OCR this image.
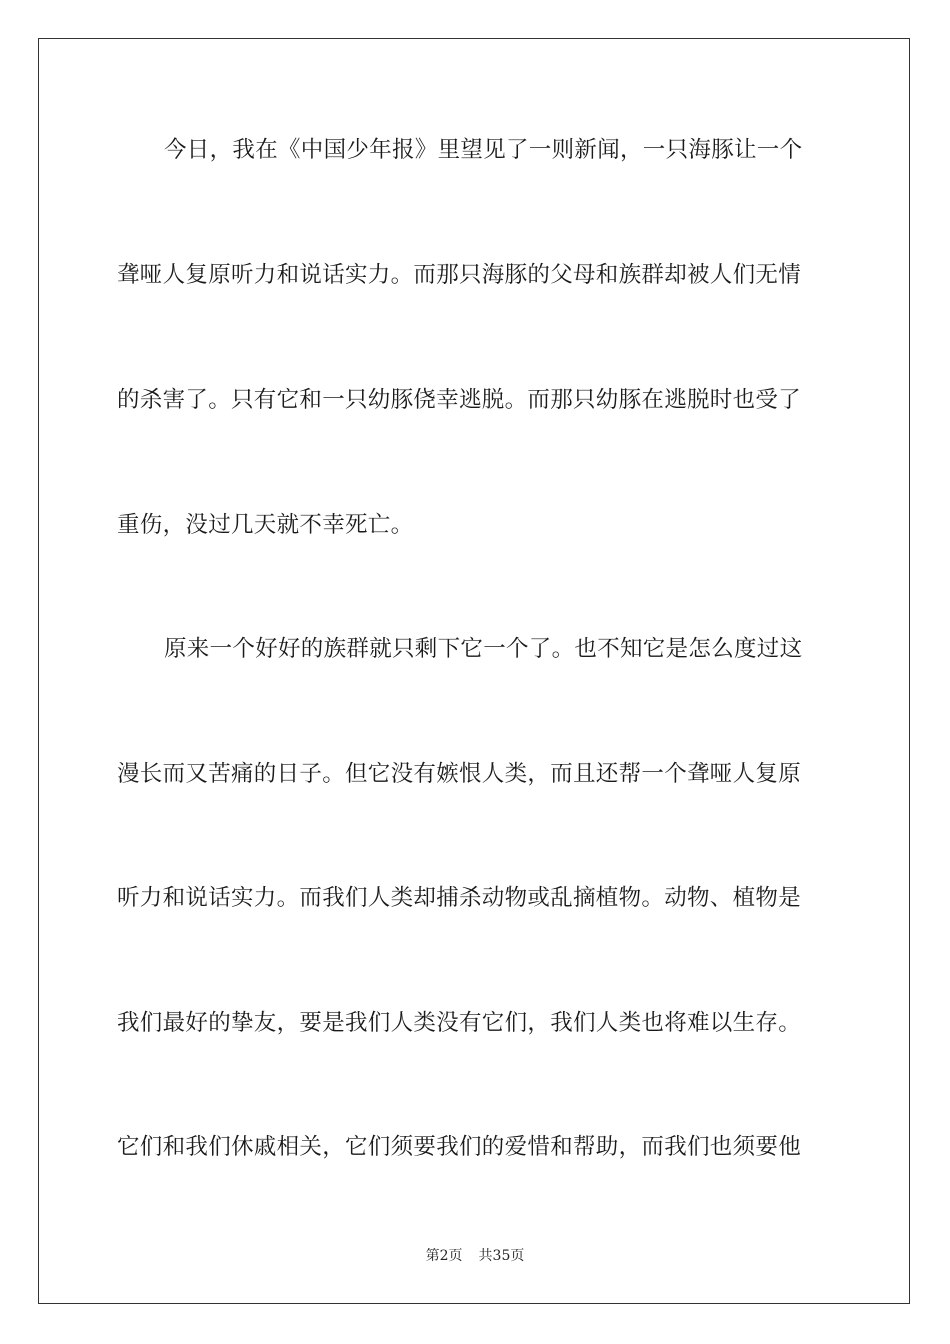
今日，我在《中国少年报》里望见了一则新闻，一只海豚让一个
聋哑人复原听力和说话实力。而那只海豚的父母和族群却被人们无情
的杀害了。只有它和一只幼豚侥幸逃脱。而那只幼豚在逃脱时也受了
重伤，没过几天就不幸死亡。
原来一个好好的族群就只剩下它一个了。也不知它是怎么度过这
漫长而又苦痛的日子。但它没有嫉恨人类，而且还帮一个聋哑人复原
听力和说话实力。而我们人类却捕杀动物或乱摘植物。动物、植物是
我们最好的挚友，要是我们人类没有它们，我们人类也将难以生存。
它们和我们休戚相关，它们须要我们的爱惜和帮助，而我们也须要他
第2页 共35页
